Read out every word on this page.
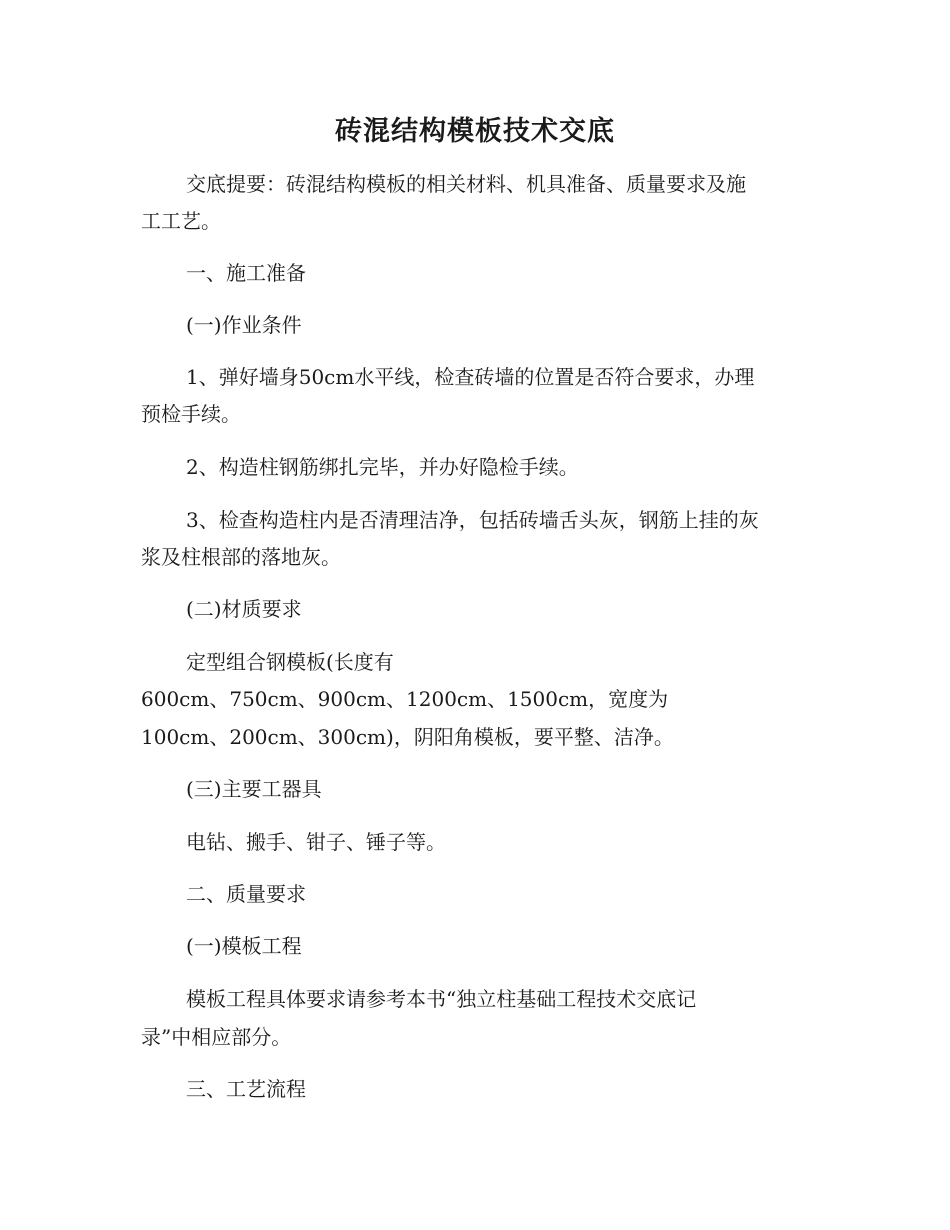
砖混结构模板技术交底

交底提要：砖混结构模板的相关材料、机具准备、质量要求及施

工工艺。

一、施工准备

(一)作业条件

1、弹好墙身50cm水平线，检查砖墙的位置是否符合要求，办理

预检手续。

2、构造柱钢筋绑扎完毕，并办好隐检手续。

3、检查构造柱内是否清理洁净，包括砖墙舌头灰，钢筋上挂的灰

浆及柱根部的落地灰。

(二)材质要求

定型组合钢模板(长度有

600cm、750cm、900cm、1200cm、1500cm，宽度为

100cm、200cm、300cm)，阴阳角模板，要平整、洁净。

(三)主要工器具

电钻、搬手、钳子、锤子等。

二、质量要求

(一)模板工程

模板工程具体要求请参考本书“独立柱基础工程技术交底记

录”中相应部分。

三、工艺流程
